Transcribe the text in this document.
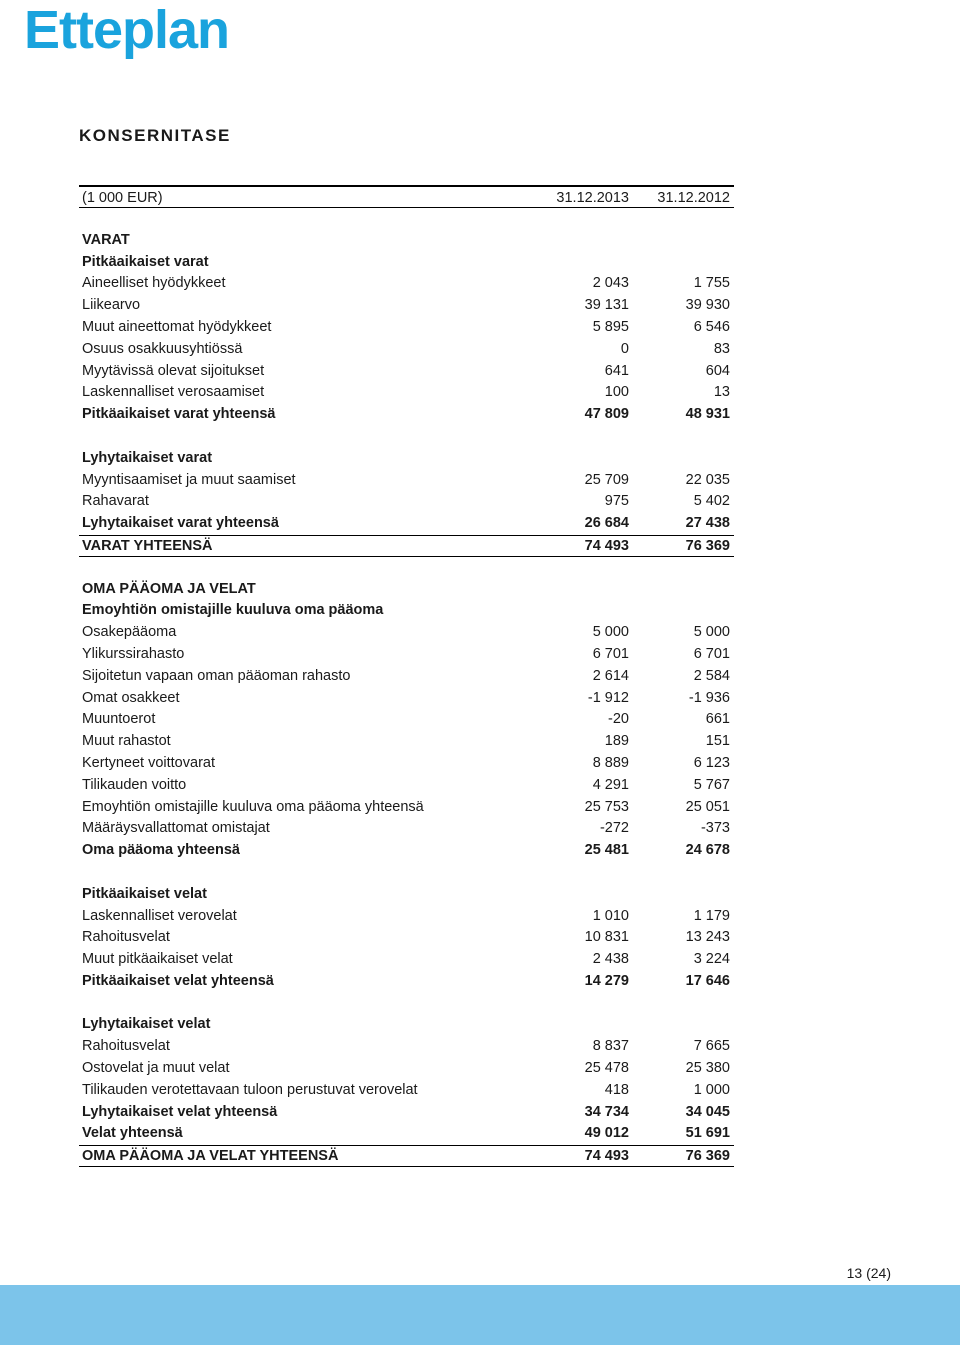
Etteplan
KONSERNITASE
(1 000 EUR)	31.12.2013 31.12.2012
VARAT
Pitkäaikaiset varat
Aineelliset hyödykkeet	2 043	1 755
Liikearvo	39 131	39 930
Muut aineettomat hyödykkeet	5 895	6 546
Osuus osakkuusyhtiössä	0	83
Myytävissä olevat sijoitukset	641	604
Laskennalliset verosaamiset	100	13
Pitkäaikaiset varat yhteensä	47 809	48 931
Lyhytaikaiset varat
Myyntisaamiset ja muut saamiset	25 709	22 035
Rahavarat	975	5 402
Lyhytaikaiset varat yhteensä	26 684	27 438
VARAT YHTEENSÄ	74 493	76 369
OMA PÄÄOMA JA VELAT
Emoyhtiön omistajille kuuluva oma pääoma
Osakepääoma	5 000	5 000
Ylikurssirahasto	6 701	6 701
Sijoitetun vapaan oman pääoman rahasto	2 614	2 584
Omat osakkeet	-1 912	-1 936
Muuntoerot	-20	661
Muut rahastot	189	151
Kertyneet voittovarat	8 889	6 123
Tilikauden voitto	4 291	5 767
Emoyhtiön omistajille kuuluva oma pääoma yhteensä	25 753	25 051
Määräysvallattomat omistajat	-272	-373
Oma pääoma yhteensä	25 481	24 678
Pitkäaikaiset velat
Laskennalliset verovelat	1 010	1 179
Rahoitusvelat	10 831	13 243
Muut pitkäaikaiset velat	2 438	3 224
Pitkäaikaiset velat yhteensä	14 279	17 646
Lyhytaikaiset velat
Rahoitusvelat	8 837	7 665
Ostovelat ja muut velat	25 478	25 380
Tilikauden verotettavaan tuloon perustuvat verovelat	418	1 000
Lyhytaikaiset velat yhteensä	34 734	34 045
Velat yhteensä	49 012	51 691
OMA PÄÄOMA JA VELAT YHTEENSÄ	74 493	76 369
13 (24)
